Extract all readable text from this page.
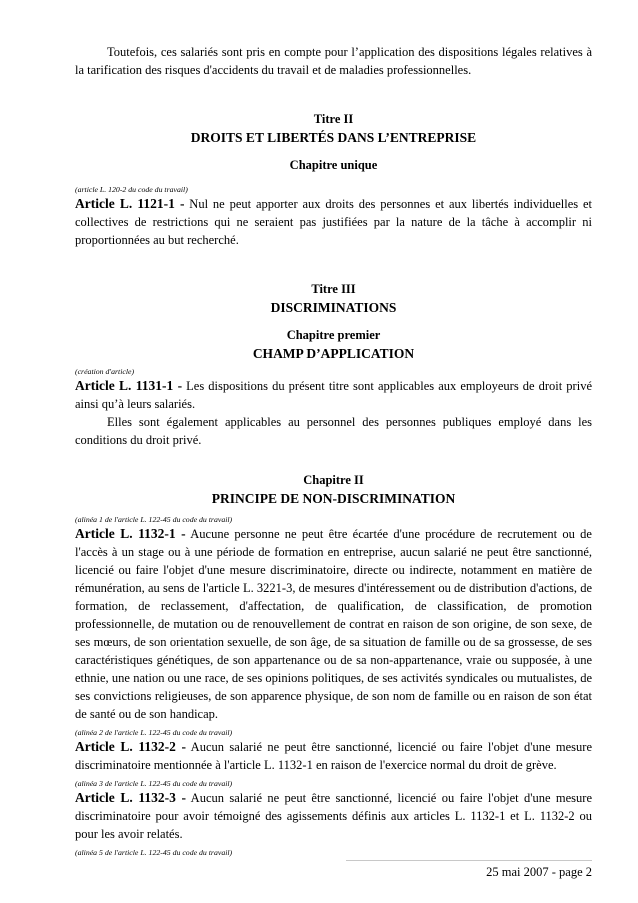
Toutefois, ces salariés sont pris en compte pour l’application des dispositions légales relatives à la tarification des risques d'accidents du travail et de maladies professionnelles.

Titre II

DROITS ET LIBERTÉS DANS L’ENTREPRISE

Chapitre unique

(article L. 120-2 du code du travail)

Article L. 1121-1 - Nul ne peut apporter aux droits des personnes et aux libertés individuelles et collectives de restrictions qui ne seraient pas justifiées par la nature de la tâche à accomplir ni proportionnées au but recherché.

Titre III

DISCRIMINATIONS

Chapitre premier

CHAMP D’APPLICATION

(création d'article)

Article L. 1131-1 - Les dispositions du présent titre sont applicables aux employeurs de droit privé ainsi qu’à leurs salariés.

Elles sont également applicables au personnel des personnes publiques employé dans les conditions du droit privé.

Chapitre II

PRINCIPE DE NON-DISCRIMINATION

(alinéa 1 de l'article L. 122-45 du code du travail)

Article L. 1132-1 - Aucune personne ne peut être écartée d'une procédure de recrutement ou de l'accès à un stage ou à une période de formation en entreprise, aucun salarié ne peut être sanctionné, licencié ou faire l'objet d'une mesure discriminatoire, directe ou indirecte, notamment en matière de rémunération, au sens de l'article L. 3221-3, de mesures d'intéressement ou de distribution d'actions, de formation, de reclassement, d'affectation, de qualification, de classification, de promotion professionnelle, de mutation ou de renouvellement de contrat en raison de son origine, de son sexe, de ses mœurs, de son orientation sexuelle, de son âge, de sa situation de famille ou de sa grossesse, de ses caractéristiques génétiques, de son appartenance ou de sa non-appartenance, vraie ou supposée, à une ethnie, une nation ou une race, de ses opinions politiques, de ses activités syndicales ou mutualistes, de ses convictions religieuses, de son apparence physique, de son nom de famille ou en raison de son état de santé ou de son handicap.

(alinéa 2 de l'article L. 122-45 du code du travail)

Article L. 1132-2 - Aucun salarié ne peut être sanctionné, licencié ou faire l'objet d'une mesure discriminatoire mentionnée à l'article L. 1132-1 en raison de l'exercice normal du droit de grève.

(alinéa 3 de l'article L. 122-45 du code du travail)

Article L. 1132-3 - Aucun salarié ne peut être sanctionné, licencié ou faire l'objet d'une mesure discriminatoire pour avoir témoigné des agissements définis aux articles L. 1132-1 et L. 1132-2 ou pour les avoir relatés.

(alinéa 5 de l'article L. 122-45 du code du travail)

25 mai 2007 - page 2
